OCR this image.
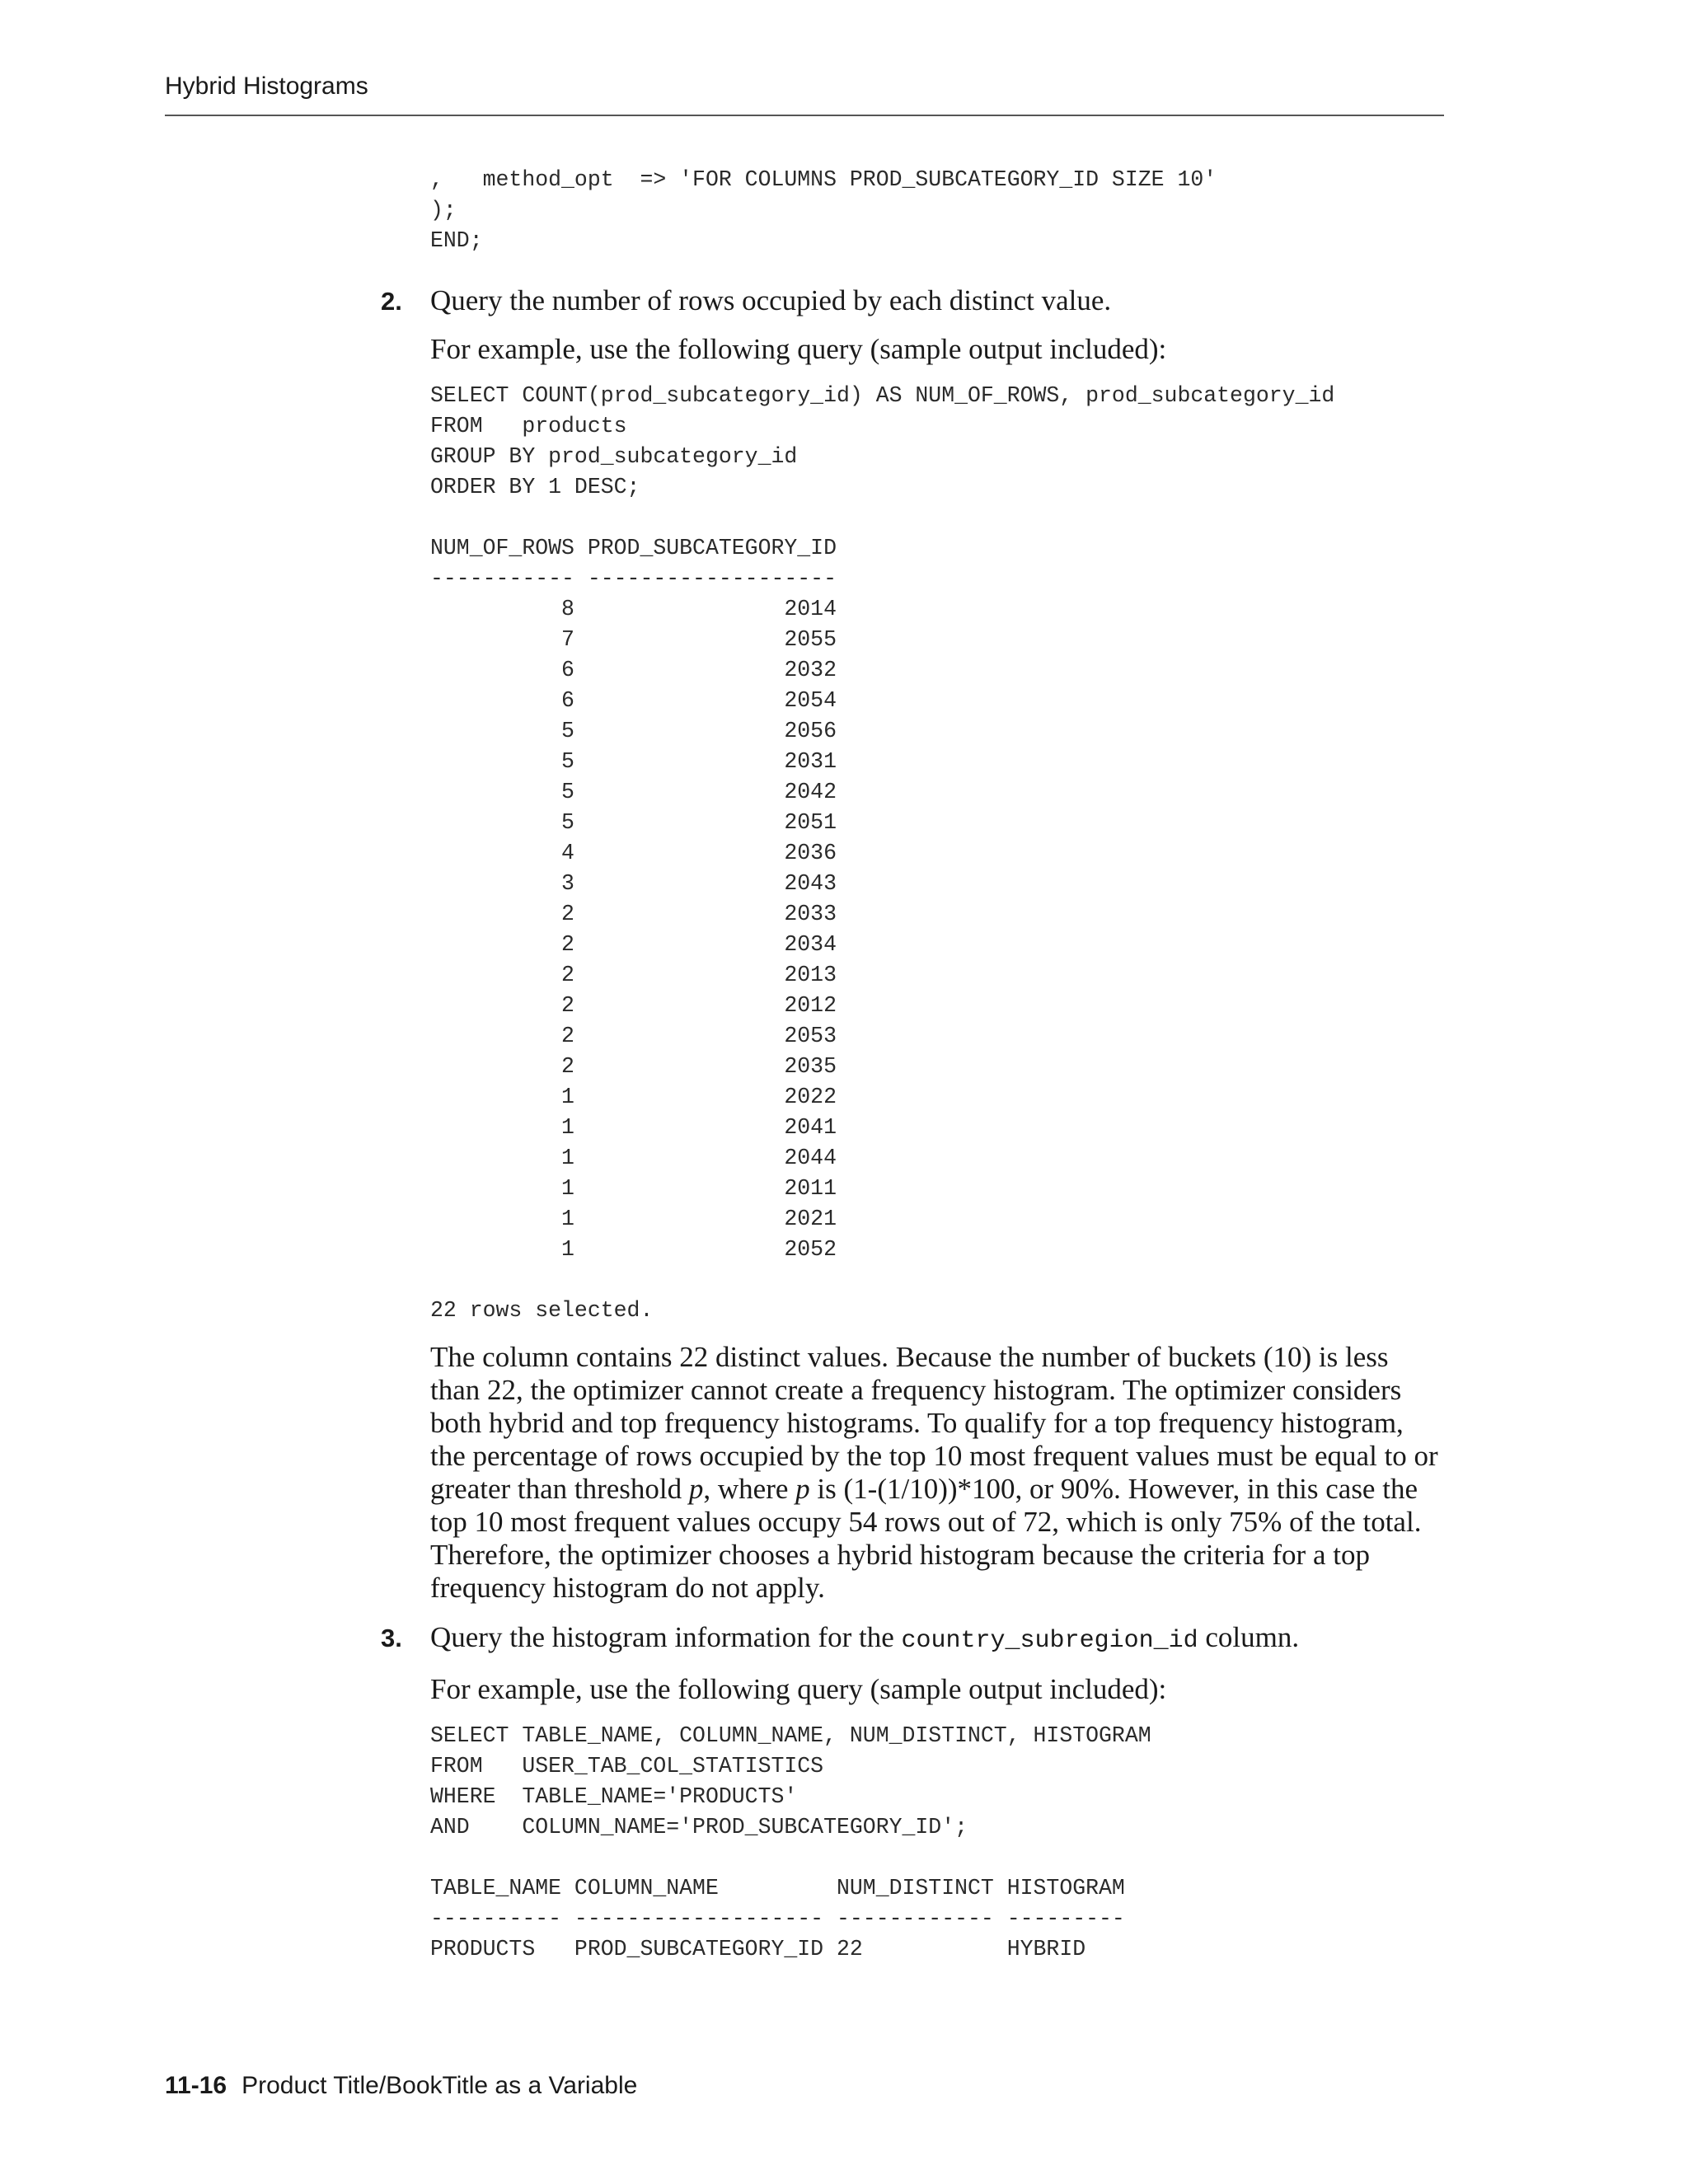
Hybrid Histograms
,   method_opt  => 'FOR COLUMNS PROD_SUBCATEGORY_ID SIZE 10'
);
END;
2. Query the number of rows occupied by each distinct value.

For example, use the following query (sample output included):

SELECT COUNT(prod_subcategory_id) AS NUM_OF_ROWS, prod_subcategory_id
FROM   products
GROUP BY prod_subcategory_id
ORDER BY 1 DESC;
NUM_OF_ROWS PROD_SUBCATEGORY_ID
----------- -------------------
8                2014
7                2055
6                2032
6                2054
5                2056
5                2031
5                2042
5                2051
4                2036
3                2043
2                2033
2                2034
2                2013
2                2012
2                2053
2                2035
1                2022
1                2041
1                2044
1                2011
1                2021
1                2052
22 rows selected.

The column contains 22 distinct values. Because the number of buckets (10) is less than 22, the optimizer cannot create a frequency histogram. The optimizer considers both hybrid and top frequency histograms. To qualify for a top frequency histogram, the percentage of rows occupied by the top 10 most frequent values must be equal to or greater than threshold p, where p is (1-(1/10))*100, or 90%. However, in this case the top 10 most frequent values occupy 54 rows out of 72, which is only 75% of the total. Therefore, the optimizer chooses a hybrid histogram because the criteria for a top frequency histogram do not apply.

3. Query the histogram information for the country_subregion_id column.

For example, use the following query (sample output included):

SELECT TABLE_NAME, COLUMN_NAME, NUM_DISTINCT, HISTOGRAM
FROM   USER_TAB_COL_STATISTICS
WHERE  TABLE_NAME='PRODUCTS'
AND    COLUMN_NAME='PROD_SUBCATEGORY_ID';
TABLE_NAME COLUMN_NAME         NUM_DISTINCT HISTOGRAM
---------- ------------------- ------------ ---------
PRODUCTS   PROD_SUBCATEGORY_ID 22           HYBRID
11-16 Product Title/BookTitle as a Variable
